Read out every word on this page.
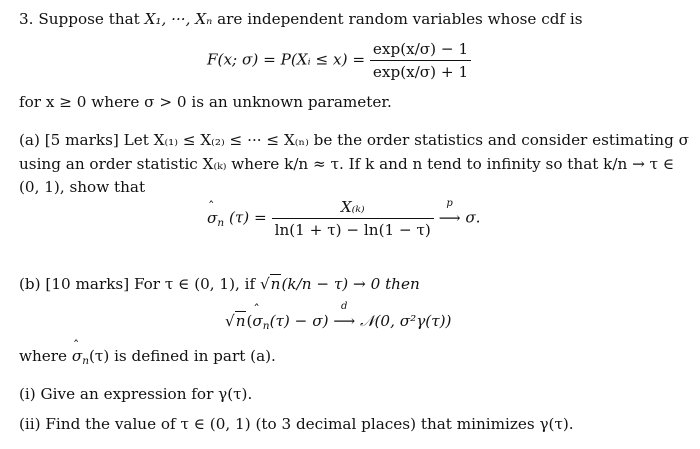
3. Suppose that X₁, ···, Xₙ are independent random variables whose cdf is
F(x; σ) = P(Xᵢ ≤ $x) = \frac{\exp(x/\sigma) - 1}{\exp(x/\sigma) + 1}$
for x ≥ 0 where σ > 0 is an unknown parameter.
(a) [5 marks] Let X₍₁₎ ≤ X₍₂₎ ≤ ··· ≤ X₍ₙ₎ be the order statistics and consider estimating σ
using an order statistic X₍ₖ₎ where k/n ≈ τ. If k and n tend to infinity so that k/n → τ ∈
(0, 1), show that
ˆ $\sigma_n$ $(\tau) = \frac{\text{X₍ₖ₎}}{\ln(1 + \tau) - \ln(1 - \tau)}$
	p
⟶ σ.
(b) [10 marks] For τ ∈ (0, 1), if √n(k/n − τ) → 0 then
√n(ˆ $\sigma_n(\tau) - \sigma$)
d
⟶ 𝒩(0, σ²γ(τ))
where ˆ $\sigma_n(\tau)$ is defined in part (a).
(i) Give an expression for γ(τ).
(ii) Find the value of τ ∈ (0, 1) (to 3 decimal places) that minimizes γ(τ).
